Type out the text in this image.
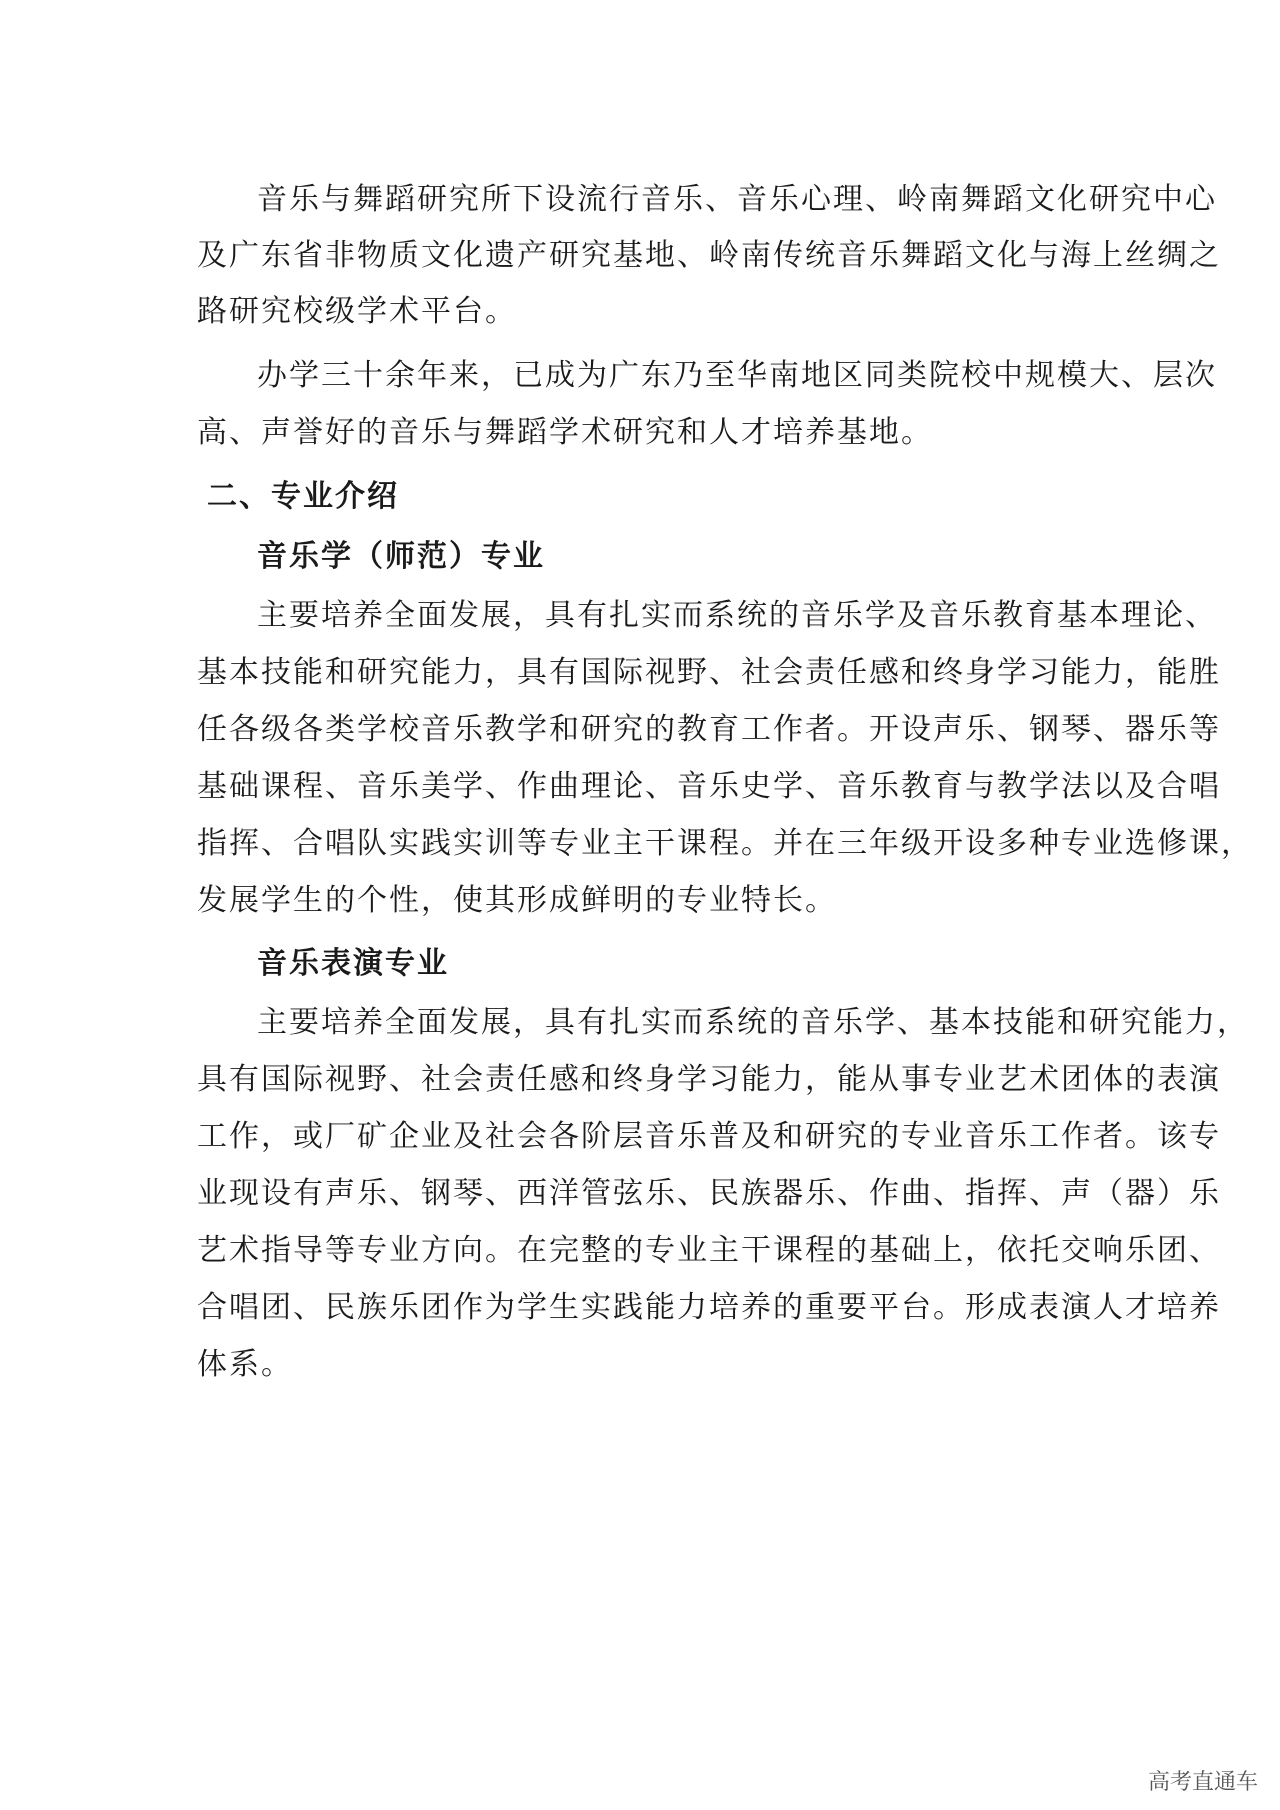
音乐与舞蹈研究所下设流行音乐、音乐心理、岭南舞蹈文化研究中心
及广东省非物质文化遗产研究基地、岭南传统音乐舞蹈文化与海上丝绸之
路研究校级学术平台。
办学三十余年来，已成为广东乃至华南地区同类院校中规模大、层次
高、声誉好的音乐与舞蹈学术研究和人才培养基地。
二、专业介绍
音乐学（师范）专业
主要培养全面发展，具有扎实而系统的音乐学及音乐教育基本理论、
基本技能和研究能力，具有国际视野、社会责任感和终身学习能力，能胜
任各级各类学校音乐教学和研究的教育工作者。开设声乐、钢琴、器乐等
基础课程、音乐美学、作曲理论、音乐史学、音乐教育与教学法以及合唱
指挥、合唱队实践实训等专业主干课程。并在三年级开设多种专业选修课，
发展学生的个性，使其形成鲜明的专业特长。
音乐表演专业
主要培养全面发展，具有扎实而系统的音乐学、基本技能和研究能力，
具有国际视野、社会责任感和终身学习能力，能从事专业艺术团体的表演
工作，或厂矿企业及社会各阶层音乐普及和研究的专业音乐工作者。该专
业现设有声乐、钢琴、西洋管弦乐、民族器乐、作曲、指挥、声（器）乐
艺术指导等专业方向。在完整的专业主干课程的基础上，依托交响乐团、
合唱团、民族乐团作为学生实践能力培养的重要平台。形成表演人才培养
体系。
高考直通车
